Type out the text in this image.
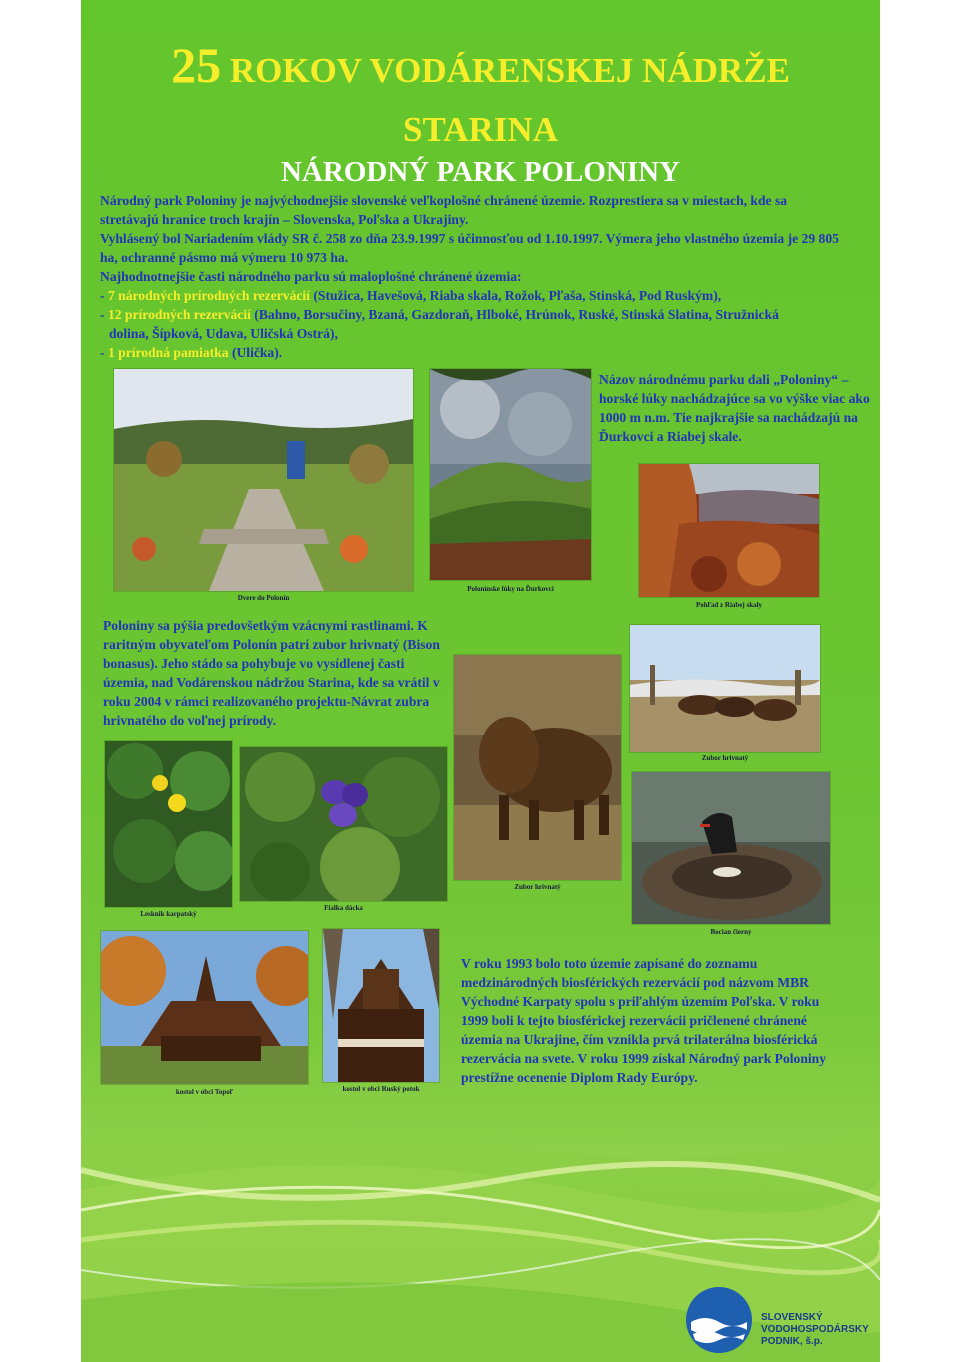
25 ROKOV VODÁRENSKEJ NÁDRŽE
STARINA
NÁRODNÝ PARK POLONINY
Národný park Poloniny je najvýchodnejšie slovenské veľkoplošné chránené územie. Rozprestiera sa v miestach, kde sa stretávajú hranice troch krajín – Slovenska, Poľska a Ukrajiny.
Vyhlásený bol Nariadením vlády SR č. 258 zo dňa 23.9.1997 s účinnosťou od 1.10.1997. Výmera jeho vlastného územia je 29 805 ha, ochranné pásmo má výmeru 10 973 ha.
Najhodnotnejšie časti národného parku sú maloplošné chránené územia:
- 7 národných prírodných rezervácií (Stužica, Havešová, Riaba skala, Rožok, Pľaša, Stinská, Pod Ruským),
- 12 prírodných rezervácií (Bahno, Borsučiny, Bzaná, Gazdoraň, Hlboké, Hrúnok, Ruské, Stinská Slatina, Stružnická
dolina, Šípková, Udava, Uličská Ostrá),
- 1 prírodná pamiatka (Ulička).
Dvere do Polonín
Polonínske lúky na Ďurkovci
Názov národnému parku dali „Poloniny“ – horské lúky nachádzajúce sa vo výške viac ako 1000 m n.m. Tie najkrajšie sa nachádzajú na Ďurkovci a Riabej skale.
Pohľad z Riabej skaly
Poloniny sa pýšia predovšetkým vzácnymi rastlinami. K raritným obyvateľom Polonín patrí zubor hrivnatý (Bison bonasus). Jeho stádo sa pohybuje vo vysídlenej časti územia, nad Vodárenskou nádržou Starina, kde sa vrátil v roku 2004 v rámci realizovaného projektu-Návrat zubra hrivnatého do voľnej prírody.
Zubor hrivnatý
Zubor hrivnatý
Lesknik karpatský
Fialka dácka
Bocian čierny
kostol v obci Topoľ	kostol v obci Ruský potok
V roku 1993 bolo toto územie zapísané do zoznamu medzinárodných biosférických rezervácií pod názvom MBR Východné Karpaty spolu s priľahlým územím Poľska. V roku 1999 boli k tejto biosférickej rezervácii pričlenené chránené územia na Ukrajine, čím vznikla prvá trilaterálna biosférická rezervácia na svete. V roku 1999 získal Národný park Poloniny prestížne ocenenie Diplom Rady Európy.
SLOVENSKÝ
VODOHOSPODÁRSKY
PODNIK, š.p.
